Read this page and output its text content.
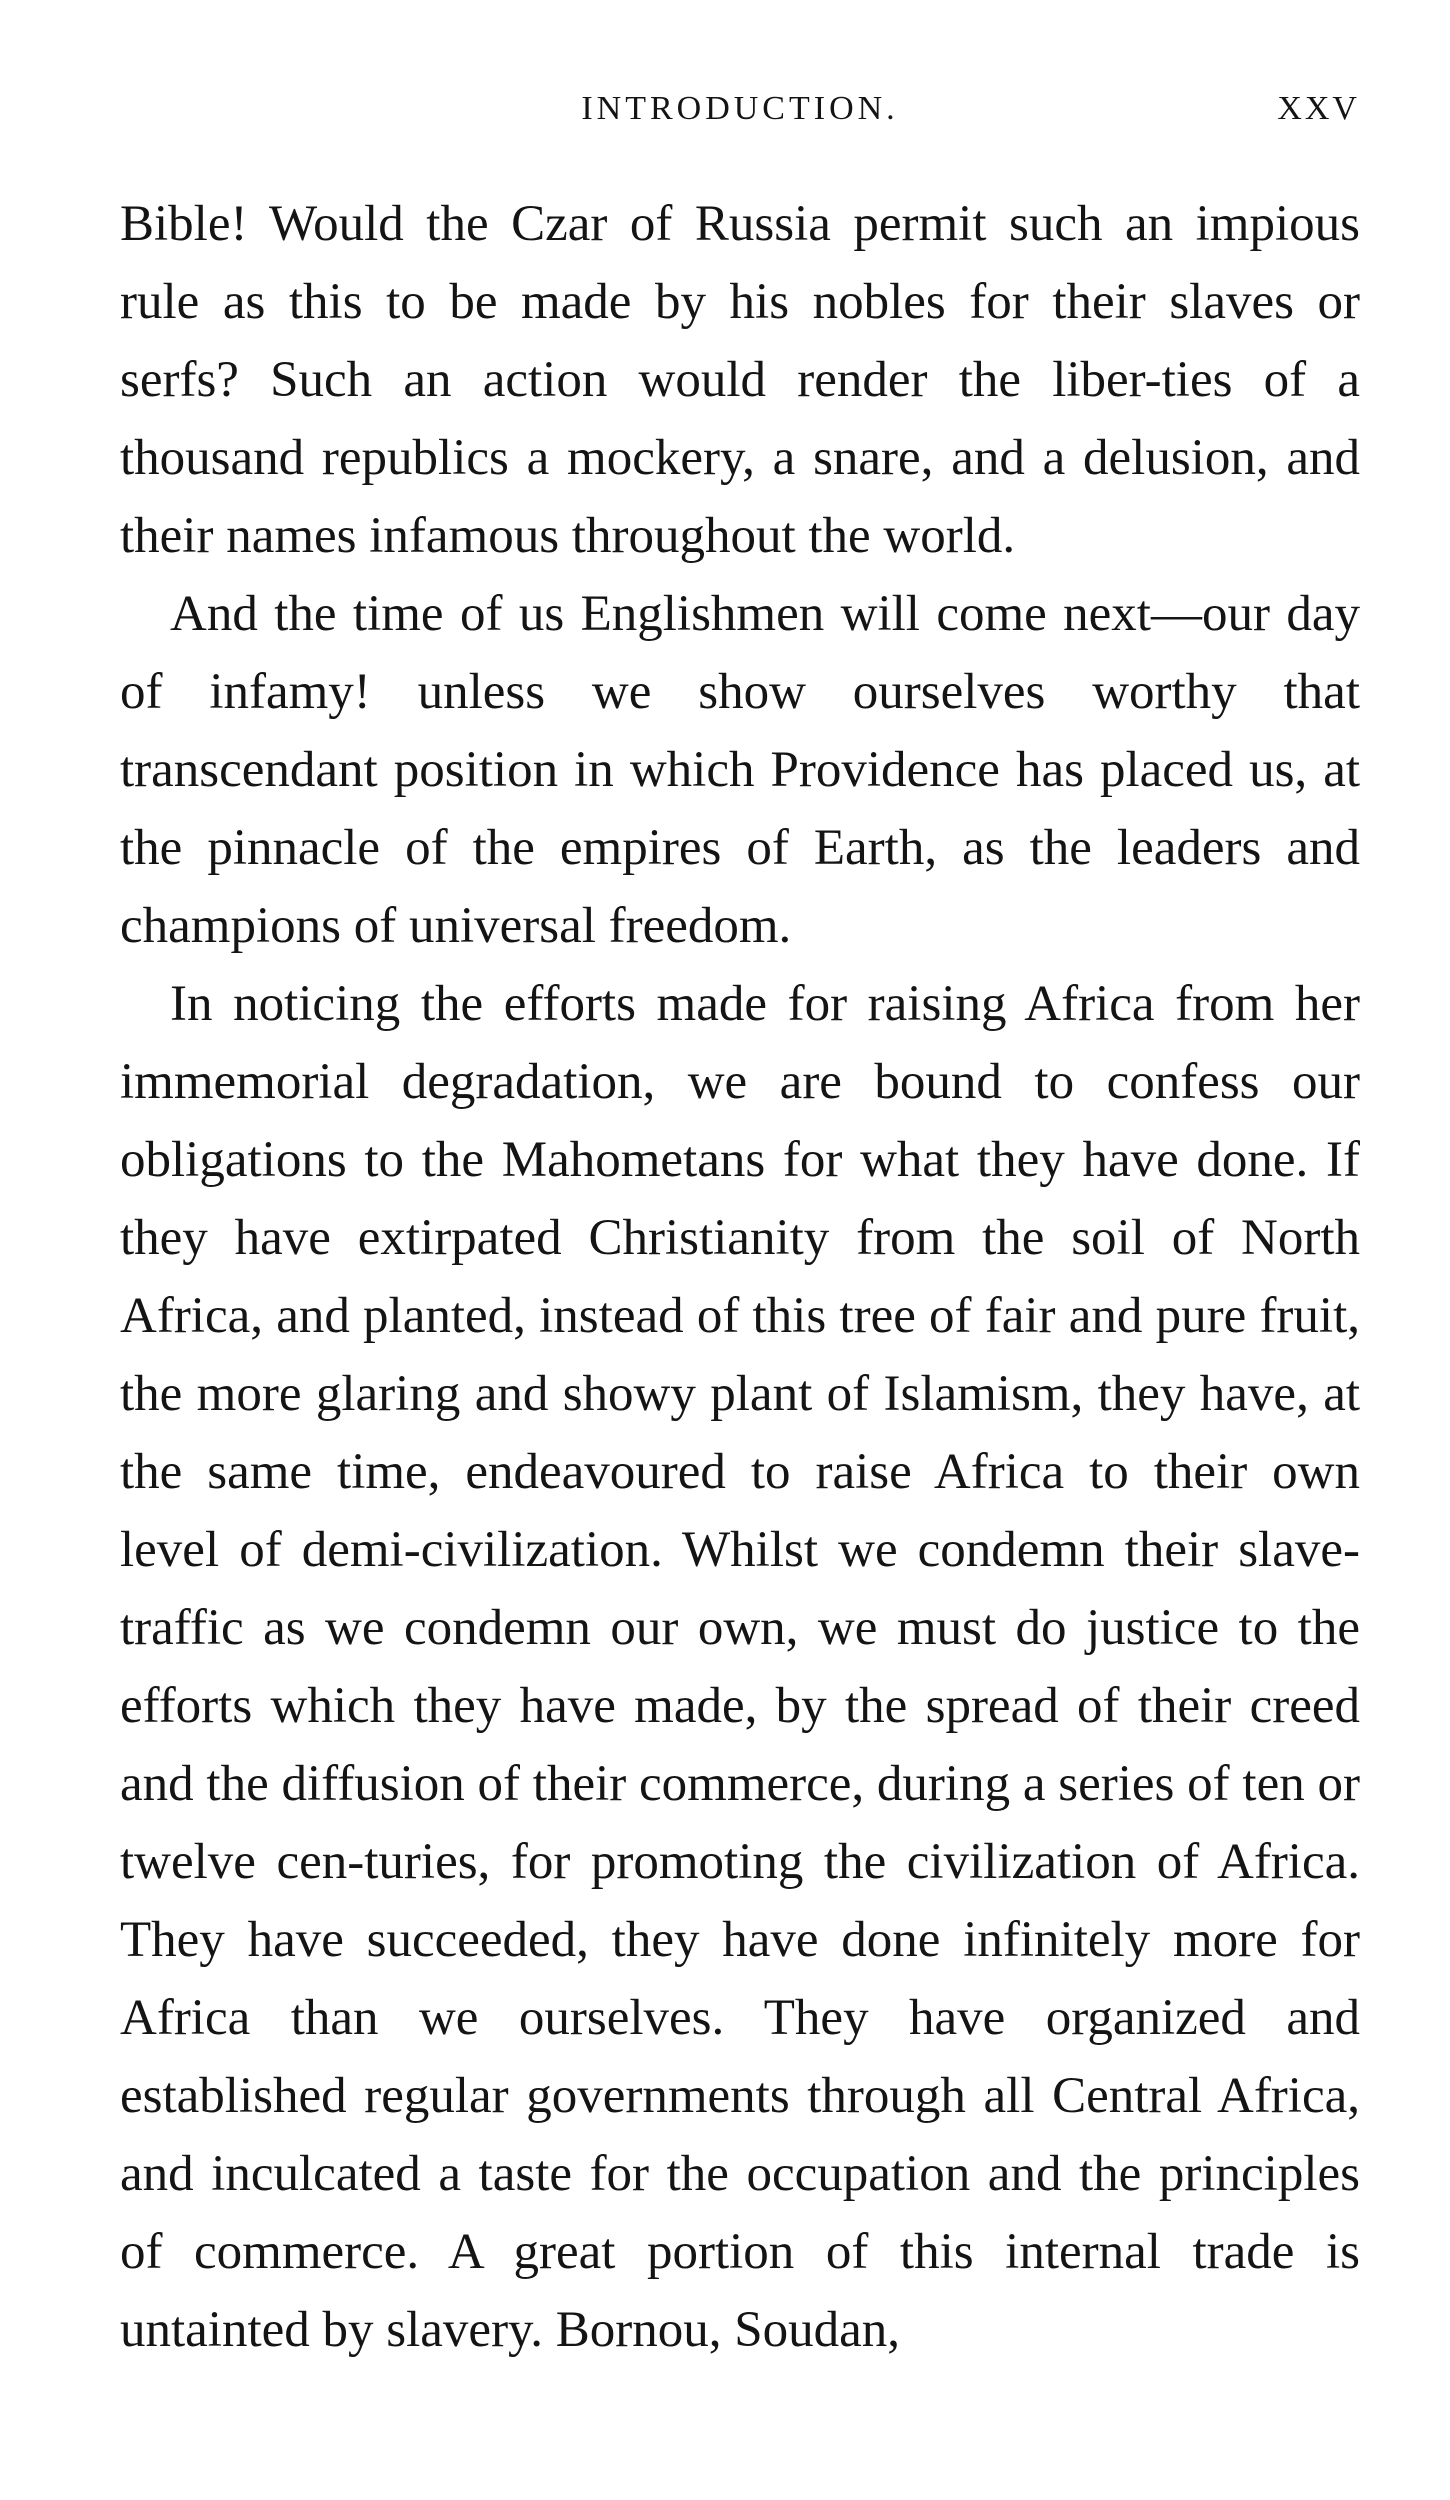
INTRODUCTION.	XXV

Bible! Would the Czar of Russia permit such an impious rule as this to be made by his nobles for their slaves or serfs? Such an action would render the liber-ties of a thousand republics a mockery, a snare, and a delusion, and their names infamous throughout the world.

And the time of us Englishmen will come next—our day of infamy! unless we show ourselves worthy that transcendant position in which Providence has placed us, at the pinnacle of the empires of Earth, as the leaders and champions of universal freedom.

In noticing the efforts made for raising Africa from her immemorial degradation, we are bound to confess our obligations to the Mahometans for what they have done. If they have extirpated Christianity from the soil of North Africa, and planted, instead of this tree of fair and pure fruit, the more glaring and showy plant of Islamism, they have, at the same time, endeavoured to raise Africa to their own level of demi-civilization. Whilst we condemn their slave-traffic as we condemn our own, we must do justice to the efforts which they have made, by the spread of their creed and the diffusion of their commerce, during a series of ten or twelve cen-turies, for promoting the civilization of Africa. They have succeeded, they have done infinitely more for Africa than we ourselves. They have organized and established regular governments through all Central Africa, and inculcated a taste for the occupation and the principles of commerce. A great portion of this internal trade is untainted by slavery. Bornou, Soudan,
